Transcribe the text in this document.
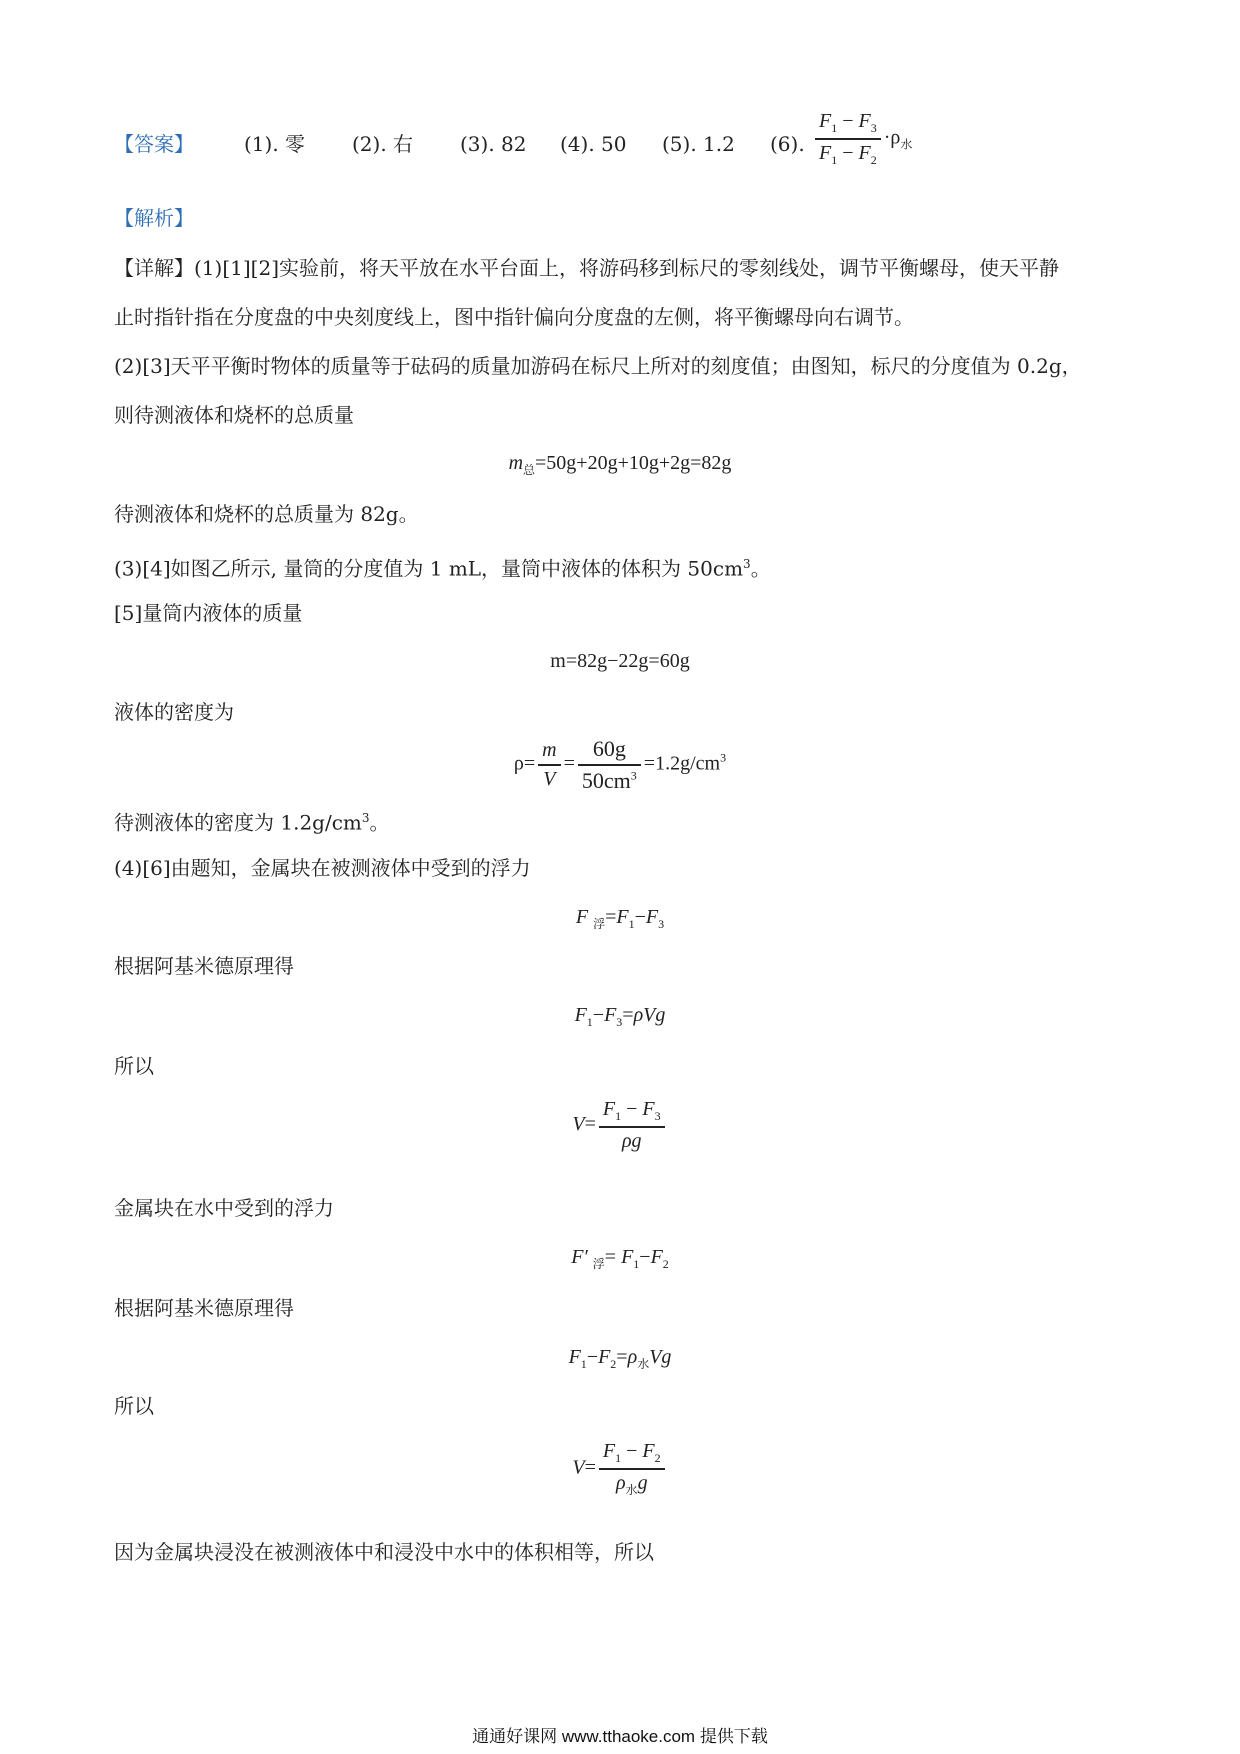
【答案】	(1). 零 (2). 右 (3). 82 (4). 50 (5). 1.2 (6). $\frac{F_1 - F_3}{F_1 - F_2} \cdot\rho_水$
【解析】
【详解】(1)[1][2]实验前，将天平放在水平台面上，将游码移到标尺的零刻线处，调节平衡螺母，使天平静
止时指针指在分度盘的中央刻度线上，图中指针偏向分度盘的左侧，将平衡螺母向右调节。
(2)[3]天平平衡时物体的质量等于砝码的质量加游码在标尺上所对的刻度值；由图知，标尺的分度值为 0.2g，
则待测液体和烧杯的总质量
$m_总=50g+20g+10g+2g=82g$
待测液体和烧杯的总质量为 82g。
(3)[4]如图乙所示, 量筒的分度值为 1 mL，量筒中液体的体积为 $50cm^3$。
[5]量筒内液体的质量
m=82g−22g=60g
液体的密度为
$\rho= \frac{m}{V} = \frac{60g}{50cm^3} =1.2g/cm^3$
待测液体的密度为 $1.2g/cm^3$。
(4)[6]由题知，金属块在被测液体中受到的浮力
F $_浮=F_1-F_3$
根据阿基米德原理得
$F_1-F_3=\rho Vg$
所以
$V= \frac{F_1 - F_3}{\rho g}$
金属块在水中受到的浮力
F′ $_浮= F_1-F_2$
根据阿基米德原理得
$F_1-F_2=\rho_水Vg$
所以
$V= \frac{F_1 - F_2}{\rho_水g}$
因为金属块浸没在被测液体中和浸没中水中的体积相等，所以
通通好课网 www.tthaoke.com 提供下载
